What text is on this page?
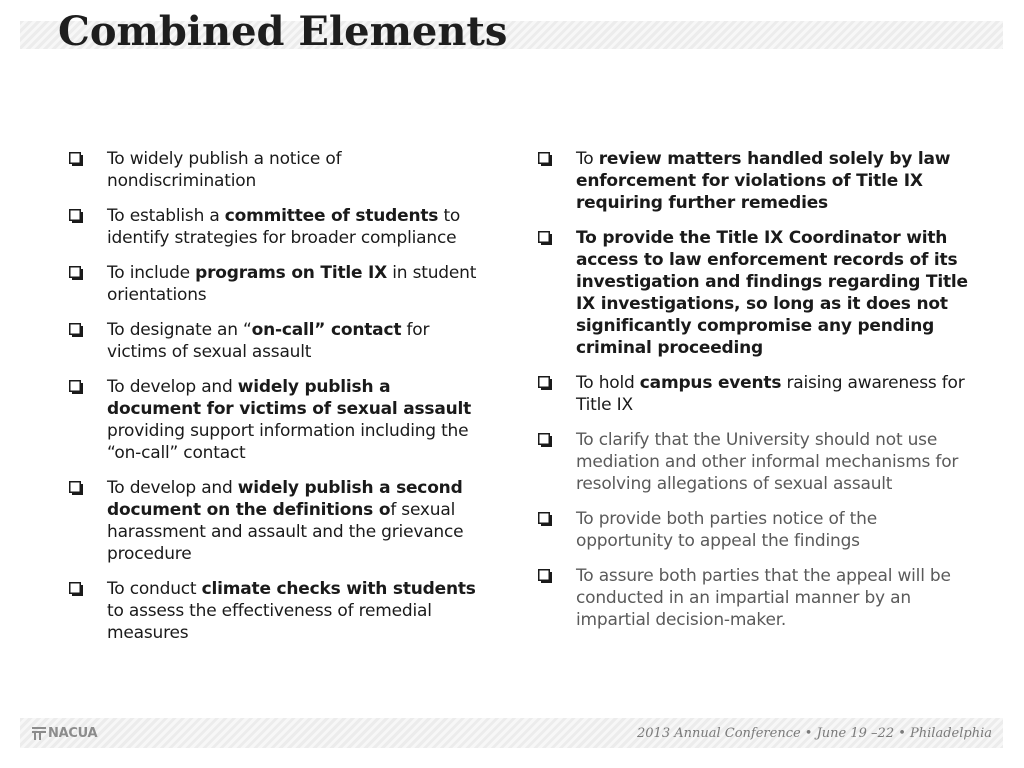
Combined Elements
To widely publish a notice of nondiscrimination
To establish a committee of students to identify strategies for broader compliance
To include programs on Title IX in student orientations
To designate an “on-call” contact for victims of sexual assault
To develop and widely publish a document for victims of sexual assault providing support information including the “on-call” contact
To develop and widely publish a second document on the definitions of sexual harassment and assault and the grievance procedure
To conduct climate checks with students to assess the effectiveness of remedial measures
To review matters handled solely by law enforcement for violations of Title IX requiring further remedies
To provide the Title IX Coordinator with access to law enforcement records of its investigation and findings regarding Title IX investigations, so long as it does not significantly compromise any pending criminal proceeding
To hold campus events raising awareness for Title IX
To clarify that the University should not use mediation and other informal mechanisms for resolving allegations of sexual assault
To provide both parties notice of the opportunity to appeal the findings
To assure both parties that the appeal will be conducted in an impartial manner by an impartial decision-maker.
NACUA	2013 Annual Conference • June 19 –22 • Philadelphia
